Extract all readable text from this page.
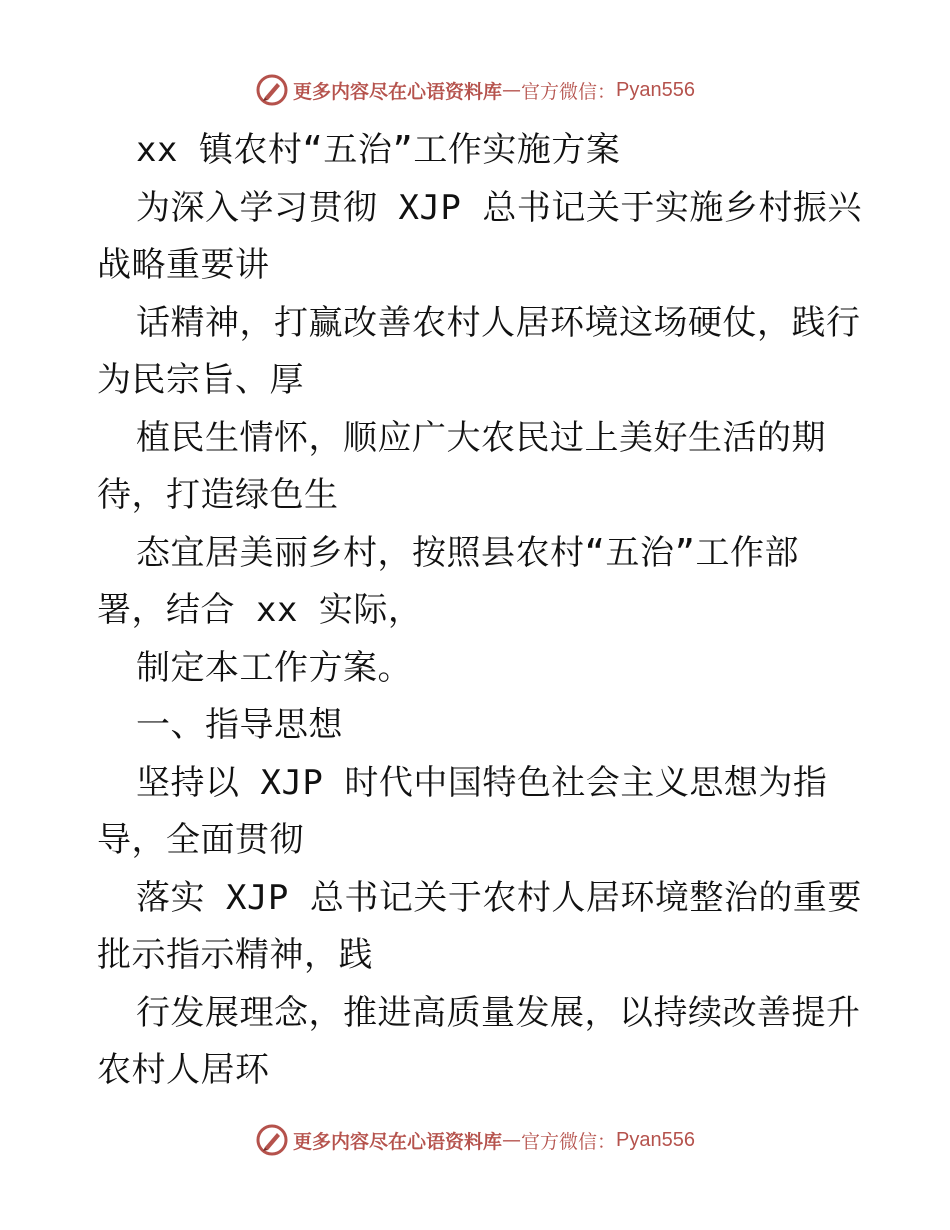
更多内容尽在心语资料库 — 官方微信： Pyan556
xx 镇农村“五治”工作实施方案
为深入学习贯彻 XJP 总书记关于实施乡村振兴
战略重要讲
话精神，打赢改善农村人居环境这场硬仗，践行
为民宗旨、厚
植民生情怀，顺应广大农民过上美好生活的期
待，打造绿色生
态宜居美丽乡村，按照县农村“五治”工作部
署，结合 xx 实际，
制定本工作方案。
一、指导思想
坚持以 XJP 时代中国特色社会主义思想为指
导，全面贯彻
落实 XJP 总书记关于农村人居环境整治的重要
批示指示精神，践
行发展理念，推进高质量发展，以持续改善提升
农村人居环
更多内容尽在心语资料库 — 官方微信： Pyan556
